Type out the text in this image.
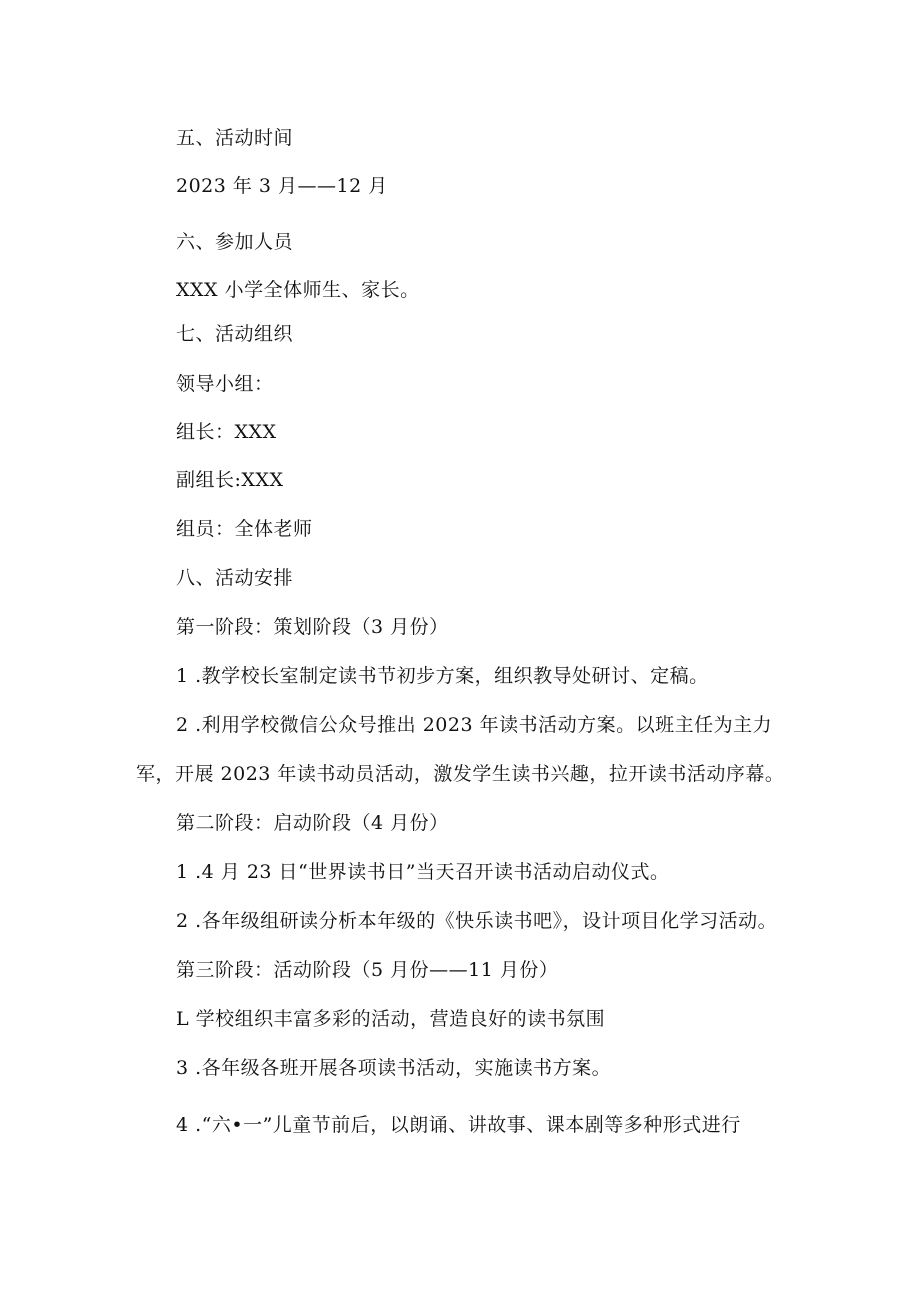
五、活动时间
2023 年 3 月——12 月
六、参加人员
XXX 小学全体师生、家长。
七、活动组织
领导小组：
组长：XXX
副组长:XXX
组员：全体老师
八、活动安排
第一阶段：策划阶段（3 月份）
1 .教学校长室制定读书节初步方案，组织教导处研讨、定稿。
2 .利用学校微信公众号推出 2023 年读书活动方案。以班主任为主力
军，开展 2023 年读书动员活动，激发学生读书兴趣，拉开读书活动序幕。
第二阶段：启动阶段（4 月份）
1 .4 月 23 日“世界读书日”当天召开读书活动启动仪式。
2 .各年级组研读分析本年级的《快乐读书吧》，设计项目化学习活动。
第三阶段：活动阶段（5 月份——11 月份）
L 学校组织丰富多彩的活动，营造良好的读书氛围
3 .各年级各班开展各项读书活动，实施读书方案。
4 .“六•一”儿童节前后，以朗诵、讲故事、课本剧等多种形式进行
